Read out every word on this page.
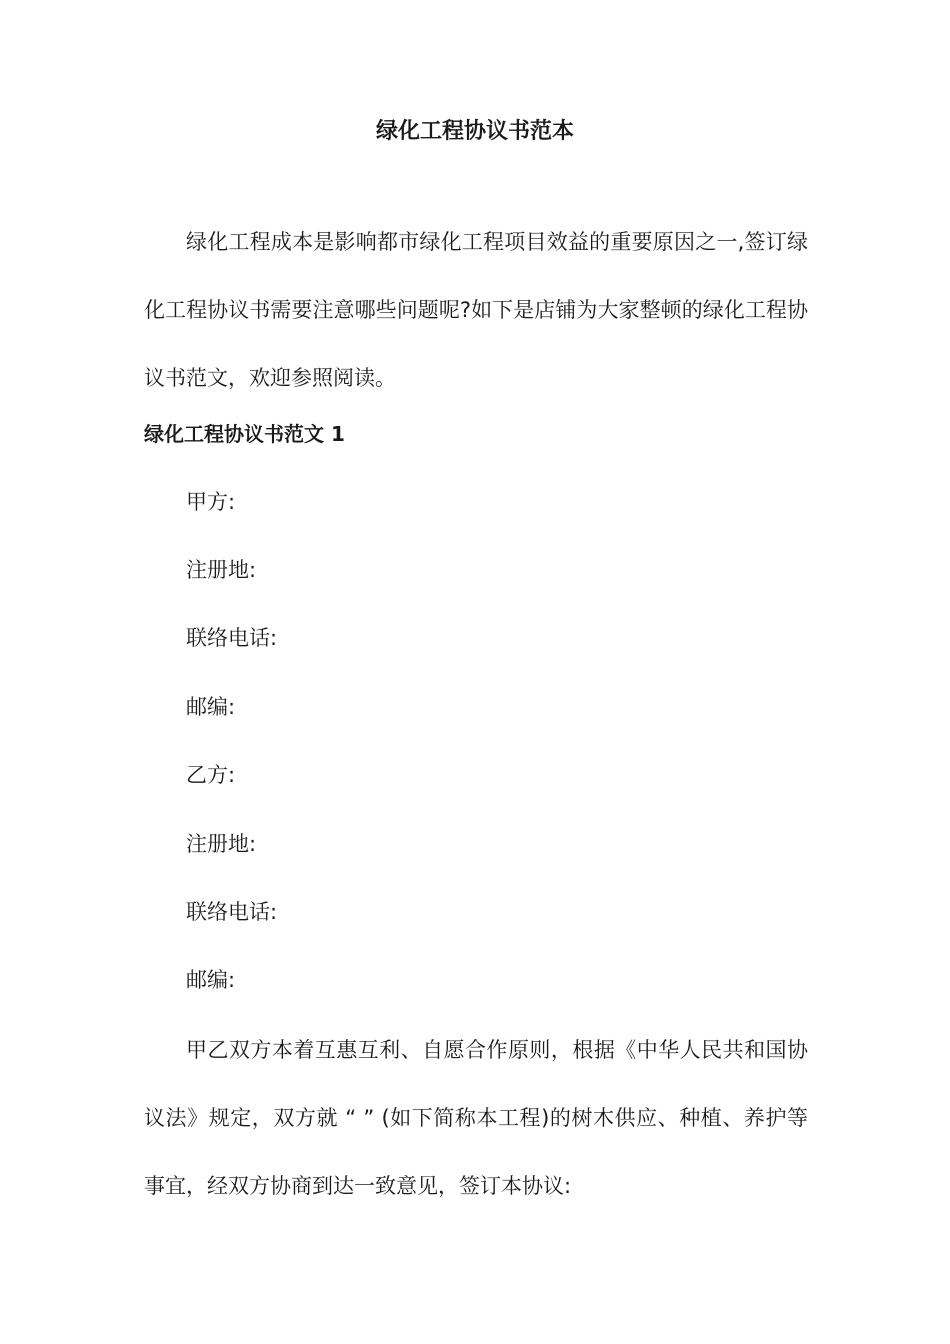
绿化工程协议书范本

绿化工程成本是影响都市绿化工程项目效益的重要原因之一,签订绿化工程协议书需要注意哪些问题呢?如下是店铺为大家整顿的绿化工程协议书范文，欢迎参照阅读。

绿化工程协议书范文 1

甲方:

注册地:

联络电话:

邮编:

乙方:

注册地:

联络电话:

邮编:

甲乙双方本着互惠互利、自愿合作原则，根据《中华人民共和国协议法》规定，双方就 “ ” (如下简称本工程)的树木供应、种植、养护等事宜，经双方协商到达一致意见，签订本协议:
